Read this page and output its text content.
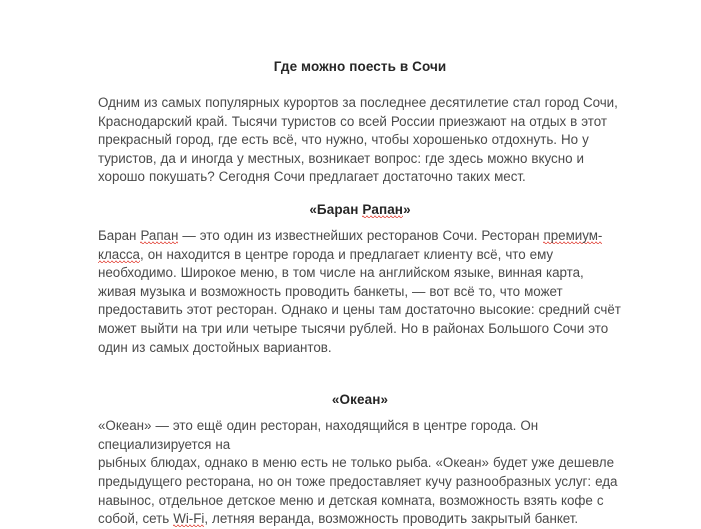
Где можно поесть в Сочи

Одним из самых популярных курортов за последнее десятилетие стал город Сочи, Краснодарский край. Тысячи туристов со всей России приезжают на отдых в этот прекрасный город, где есть всё, что нужно, чтобы хорошенько отдохнуть. Но у туристов, да и иногда у местных, возникает вопрос: где здесь можно вкусно и хорошо покушать? Сегодня Сочи предлагает достаточно таких мест.

«Баран Рапан»

Баран Рапан — это один из известнейших ресторанов Сочи. Ресторан премиум-класса, он находится в центре города и предлагает клиенту всё, что ему необходимо. Широкое меню, в том числе на английском языке, винная карта, живая музыка и возможность проводить банкеты, — вот всё то, что может предоставить этот ресторан. Однако и цены там достаточно высокие: средний счёт может выйти на три или четыре тысячи рублей. Но в районах Большого Сочи это один из самых достойных вариантов.

«Океан»

«Океан» — это ещё один ресторан, находящийся в центре города. Он специализируется на

рыбных блюдах, однако в меню есть не только рыба. «Океан» будет уже дешевле предыдущего ресторана, но он тоже предоставляет кучу разнообразных услуг: еда навынос, отдельное детское меню и детская комната, возможность взять кофе с собой, сеть Wi-Fi, летняя веранда, возможность проводить закрытый банкет.
